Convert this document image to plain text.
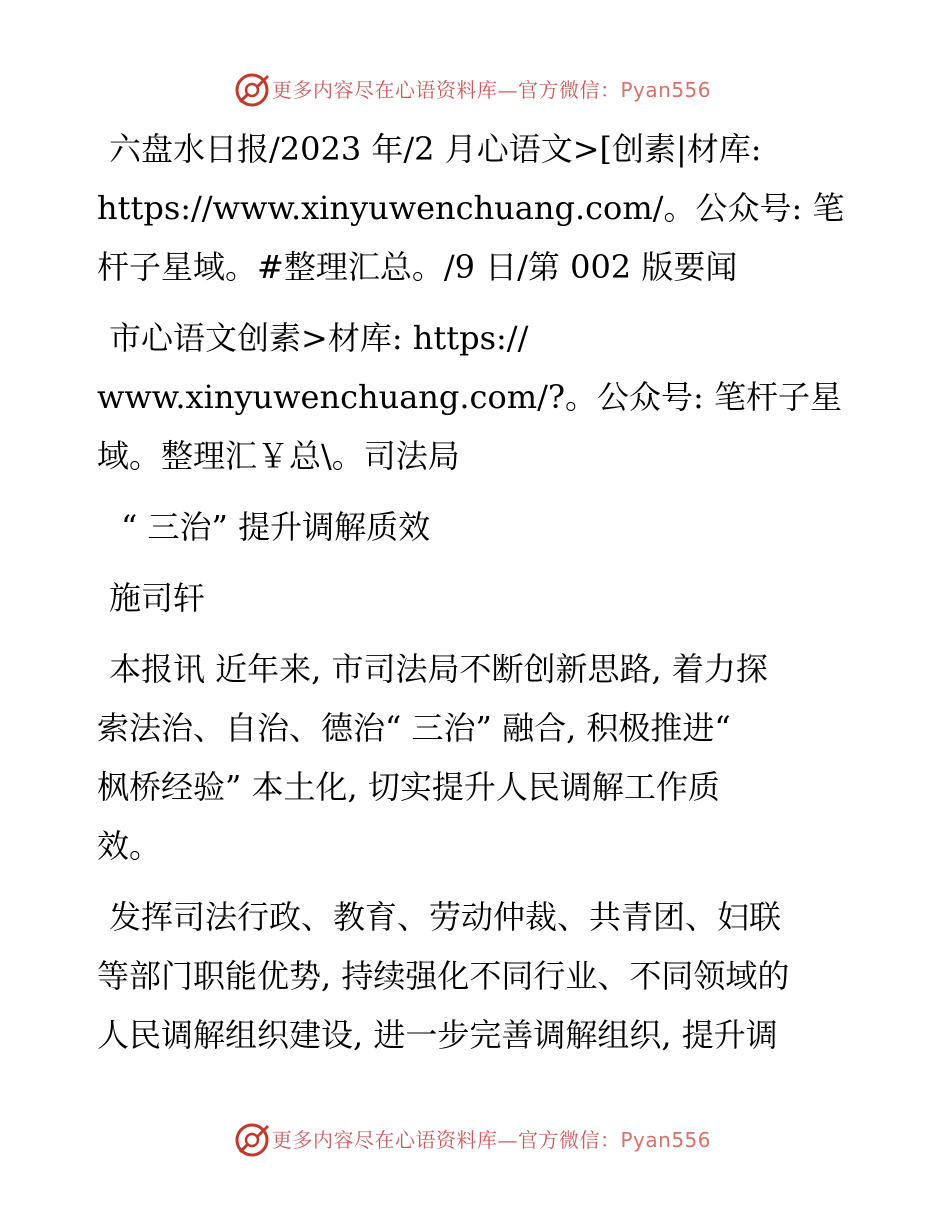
更多内容尽在心语资料库—官方微信：Pyan556

六盘水日报/2023 年/2 月心语文>[创素|材库:
https://www.xinyuwenchuang.com/。公众号: 笔
杆子星域。#整理汇总。/9 日/第 002 版要闻

市心语文创素>材库: https://
www.xinyuwenchuang.com/?。公众号: 笔杆子星
域。整理汇￥总\。司法局

“ 三治” 提升调解质效

施司轩

本报讯 近年来, 市司法局不断创新思路, 着力探
索法治、自治、德治“ 三治” 融合, 积极推进“
枫桥经验” 本土化, 切实提升人民调解工作质
效。

发挥司法行政、教育、劳动仲裁、共青团、妇联
等部门职能优势, 持续强化不同行业、不同领域的
人民调解组织建设, 进一步完善调解组织, 提升调

更多内容尽在心语资料库—官方微信：Pyan556
